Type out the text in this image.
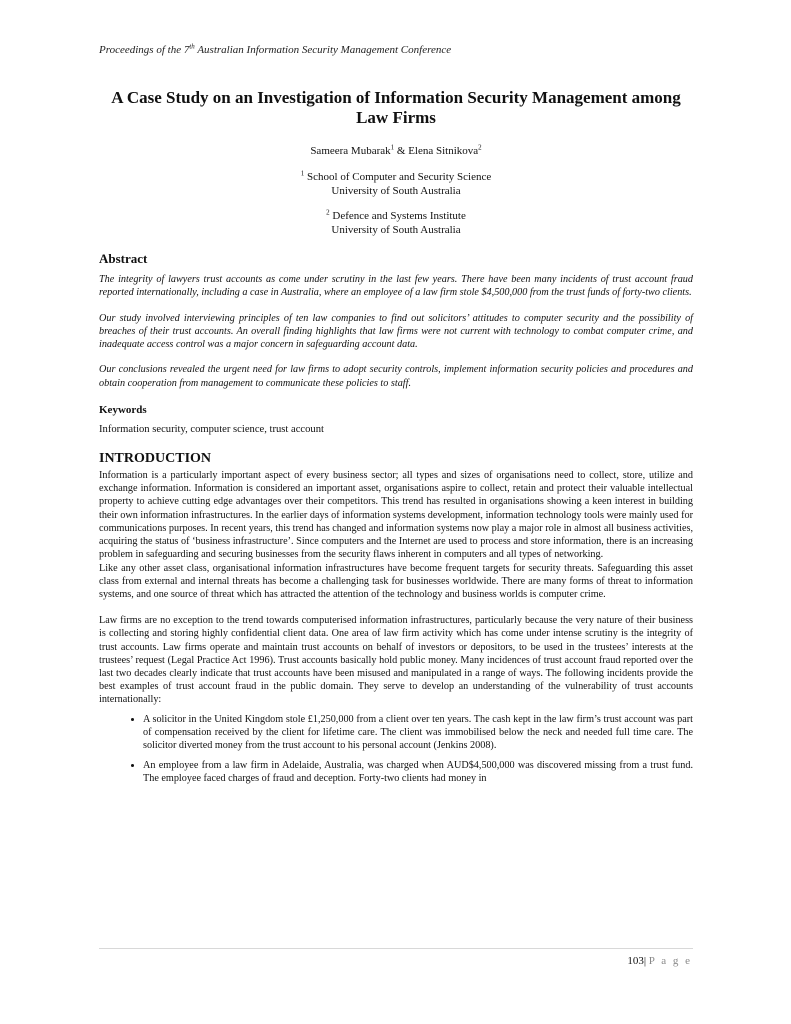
Proceedings of the 7th Australian Information Security Management Conference
A Case Study on an Investigation of Information Security Management among Law Firms
Sameera Mubarak$^1$ & Elena Sitnikova$^2$
$^1$ School of Computer and Security Science
University of South Australia
$^2$ Defence and Systems Institute
University of South Australia
Abstract

The integrity of lawyers trust accounts as come under scrutiny in the last few years. There have been many incidents of trust account fraud reported internationally, including a case in Australia, where an employee of a law firm stole $4,500,000 from the trust funds of forty-two clients.

Our study involved interviewing principles of ten law companies to find out solicitors’ attitudes to computer security and the possibility of breaches of their trust accounts. An overall finding highlights that law firms were not current with technology to combat computer crime, and inadequate access control was a major concern in safeguarding account data.

Our conclusions revealed the urgent need for law firms to adopt security controls, implement information security policies and procedures and obtain cooperation from management to communicate these policies to staff.

Keywords
Information security, computer science, trust account
INTRODUCTION

Information is a particularly important aspect of every business sector; all types and sizes of organisations need to collect, store, utilize and exchange information. Information is considered an important asset, organisations aspire to collect, retain and protect their valuable intellectual property to achieve cutting edge advantages over their competitors. This trend has resulted in organisations showing a keen interest in building their own information infrastructures. In the earlier days of information systems development, information technology tools were mainly used for communications purposes. In recent years, this trend has changed and information systems now play a major role in almost all business activities, acquiring the status of ‘business infrastructure’. Since computers and the Internet are used to process and store information, there is an increasing problem in safeguarding and securing businesses from the security flaws inherent in computers and all types of networking.

Like any other asset class, organisational information infrastructures have become frequent targets for security threats. Safeguarding this asset class from external and internal threats has become a challenging task for businesses worldwide. There are many forms of threat to information systems, and one source of threat which has attracted the attention of the technology and business worlds is computer crime.

Law firms are no exception to the trend towards computerised information infrastructures, particularly because the very nature of their business is collecting and storing highly confidential client data. One area of law firm activity which has come under intense scrutiny is the integrity of trust accounts. Law firms operate and maintain trust accounts on behalf of investors or depositors, to be used in the trustees’ interests at the trustees’ request (Legal Practice Act 1996). Trust accounts basically hold public money. Many incidences of trust account fraud reported over the last two decades clearly indicate that trust accounts have been misused and manipulated in a range of ways. The following incidents provide the best examples of trust account fraud in the public domain. They serve to develop an understanding of the vulnerability of trust accounts internationally:

• A solicitor in the United Kingdom stole £1,250,000 from a client over ten years. The cash kept in the law firm’s trust account was part of compensation received by the client for lifetime care. The client was immobilised below the neck and needed full time care. The solicitor diverted money from the trust account to his personal account (Jenkins 2008).
• An employee from a law firm in Adelaide, Australia, was charged when AUD$4,500,000 was discovered missing from a trust fund. The employee faced charges of fraud and deception. Forty-two clients had money in
103| P a g e
